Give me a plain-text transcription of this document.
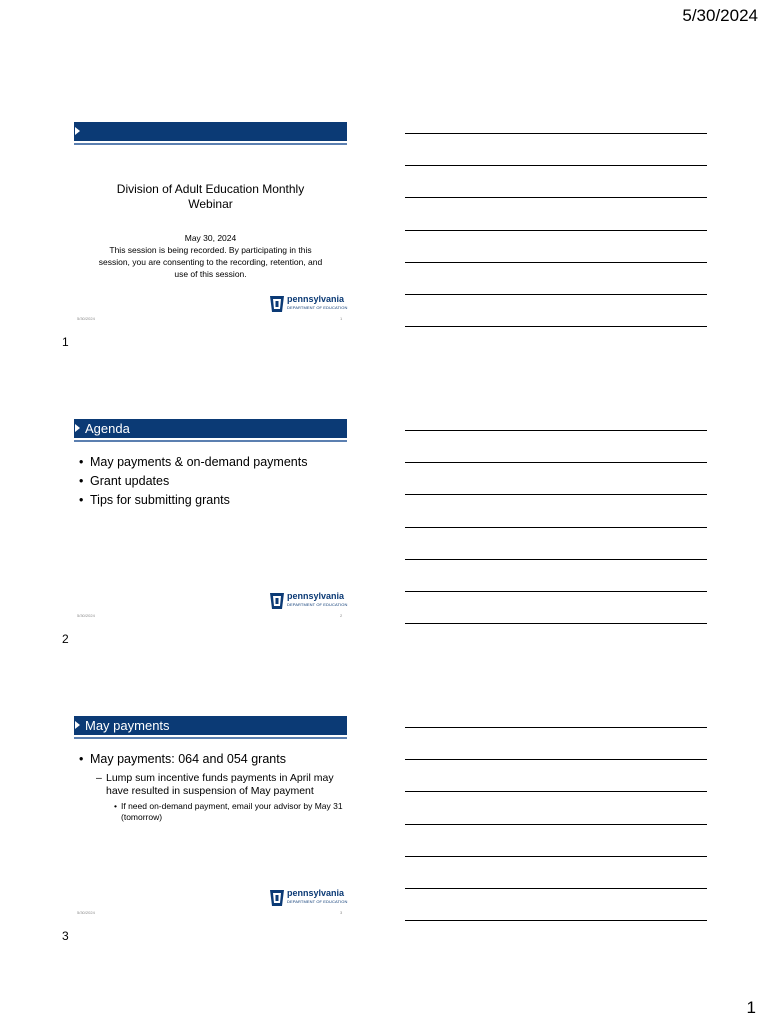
5/30/2024
Division of Adult Education Monthly Webinar
May 30, 2024
This session is being recorded. By participating in this session, you are consenting to the recording, retention, and use of this session.
pennsylvania
DEPARTMENT OF EDUCATION
5/30/2024	1
1
Agenda
• May payments & on-demand payments
• Grant updates
• Tips for submitting grants
pennsylvania
DEPARTMENT OF EDUCATION
5/30/2024	2
2
May payments
• May payments: 064 and 054 grants
– Lump sum incentive funds payments in April may have resulted in suspension of May payment
• If need on-demand payment, email your advisor by May 31 (tomorrow)
pennsylvania
DEPARTMENT OF EDUCATION
5/30/2024	3
3
1
